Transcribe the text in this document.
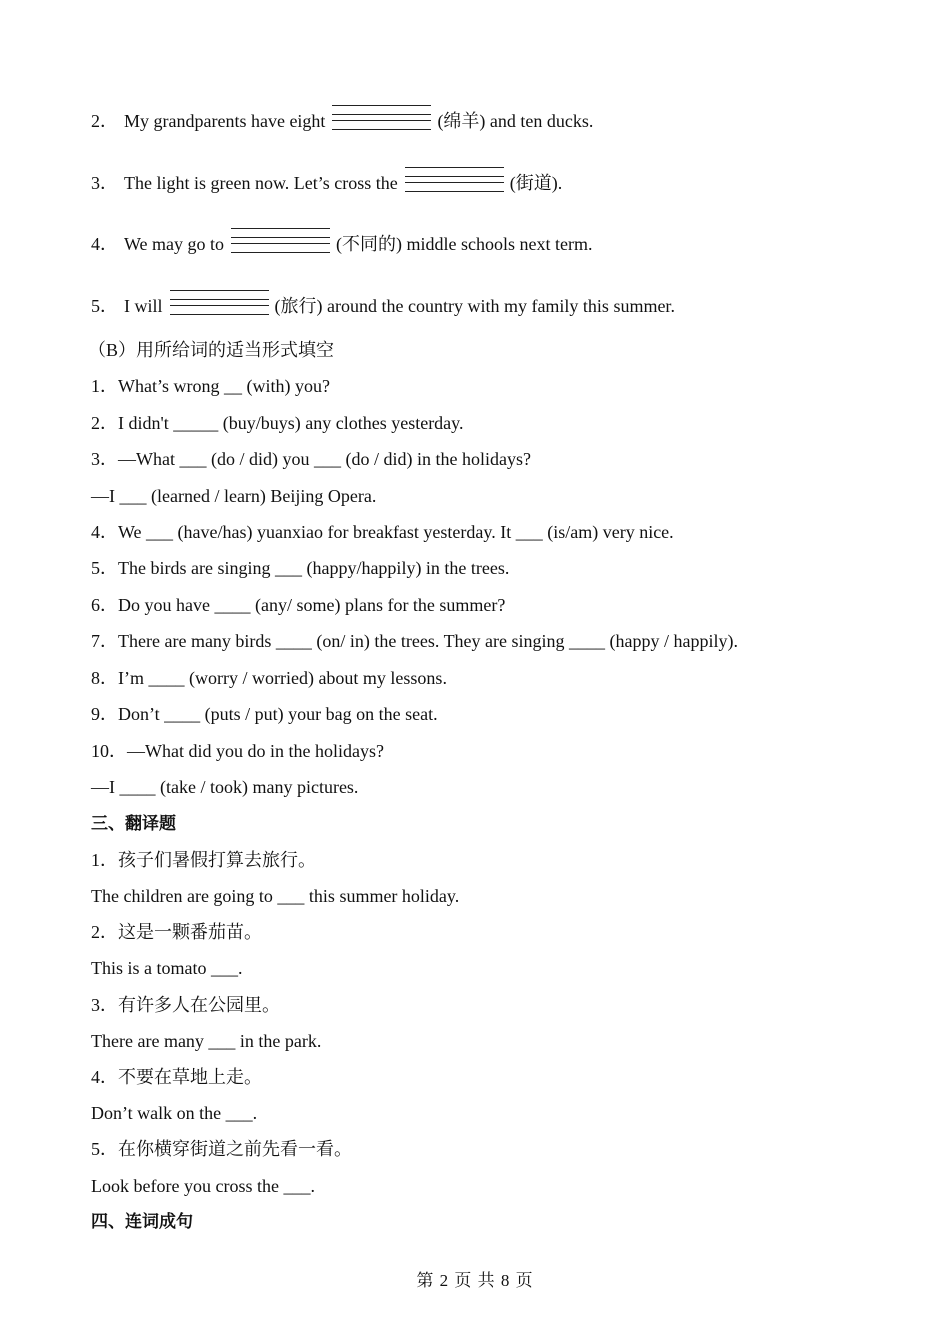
2． My grandparents have eight	(绵羊) and ten ducks.
3． The light is green now. Let’s cross the	(街道).
4． We may go to	(不同的) middle schools next term.
5． I will	(旅行) around the country with my family this summer.
（B）用所给词的适当形式填空
1．What’s wrong __ (with) you?
2．I didn't _____ (buy/buys) any clothes yesterday.
3．—What ___ (do / did) you ___ (do / did) in the holidays?
—I ___ (learned / learn) Beijing Opera.
4．We ___ (have/has) yuanxiao for breakfast yesterday. It ___ (is/am) very nice.
5．The birds are singing ___ (happy/happily) in the trees.
6．Do you have ____ (any/ some) plans for the summer?
7．There are many birds ____ (on/ in) the trees. They are singing ____ (happy / happily).
8．I’m ____ (worry / worried) about my lessons.
9．Don’t ____ (puts / put) your bag on the seat.
10．—What did you do in the holidays?
—I ____ (take / took) many pictures.
三、翻译题
1．孩子们暑假打算去旅行。
The children are going to ___ this summer holiday.
2．这是一颗番茄苗。
This is a tomato ___.
3．有许多人在公园里。
There are many ___ in the park.
4．不要在草地上走。
Don’t walk on the ___.
5．在你横穿街道之前先看一看。
Look before you cross the ___.
四、连词成句
第 2 页 共 8 页
